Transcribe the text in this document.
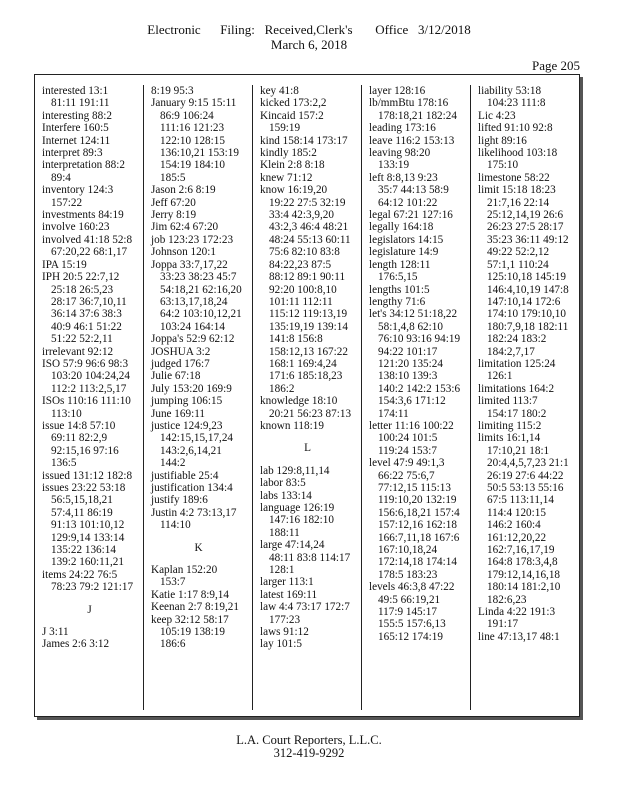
Electronic      Filing:   Received,Clerk's       Office   3/12/2018
March 6, 2018
Page 205
interested 13:1
81:11 191:11
interesting 88:2
Interfere 160:5
Internet 124:11
interpret 89:3
interpretation 88:2
89:4
inventory 124:3
157:22
investments 84:19
involve 160:23
involved 41:18 52:8
67:20,22 68:1,17
IPA 15:19
IPH 20:5 22:7,12
25:18 26:5,23
28:17 36:7,10,11
36:14 37:6 38:3
40:9 46:1 51:22
51:22 52:2,11
irrelevant 92:12
ISO 57:9 96:6 98:3
103:20 104:24,24
112:2 113:2,5,17
ISOs 110:16 111:10
113:10
issue 14:8 57:10
69:11 82:2,9
92:15,16 97:16
136:5
issued 131:12 182:8
issues 23:22 53:18
56:5,15,18,21
57:4,11 86:19
91:13 101:10,12
129:9,14 133:14
135:22 136:14
139:2 160:11,21
items 24:22 76:5
78:23 79:2 121:17
J
J 3:11
James 2:6 3:12
8:19 95:3
January 9:15 15:11
86:9 106:24
111:16 121:23
122:10 128:15
136:10,21 153:19
154:19 184:10
185:5
Jason 2:6 8:19
Jeff 67:20
Jerry 8:19
Jim 62:4 67:20
job 123:23 172:23
Johnson 120:1
Joppa 33:7,17,22
33:23 38:23 45:7
54:18,21 62:16,20
63:13,17,18,24
64:2 103:10,12,21
103:24 164:14
Joppa's 52:9 62:12
JOSHUA 3:2
judged 176:7
Julie 67:18
July 153:20 169:9
jumping 106:15
June 169:11
justice 124:9,23
142:15,15,17,24
143:2,6,14,21
144:2
justifiable 25:4
justification 134:4
justify 189:6
Justin 4:2 73:13,17
114:10
K
Kaplan 152:20
153:7
Katie 1:17 8:9,14
Keenan 2:7 8:19,21
keep 32:12 58:17
105:19 138:19
186:6
key 41:8
kicked 173:2,2
Kincaid 157:2
159:19
kind 158:14 173:17
kindly 185:2
Klein 2:8 8:18
knew 71:12
know 16:19,20
19:22 27:5 32:19
33:4 42:3,9,20
43:2,3 46:4 48:21
48:24 55:13 60:11
75:6 82:10 83:8
84:22,23 87:5
88:12 89:1 90:11
92:20 100:8,10
101:11 112:11
115:12 119:13,19
135:19,19 139:14
141:8 156:8
158:12,13 167:22
168:1 169:4,24
171:6 185:18,23
186:2
knowledge 18:10
20:21 56:23 87:13
known 118:19
L
lab 129:8,11,14
labor 83:5
labs 133:14
language 126:19
147:16 182:10
188:11
large 47:14,24
48:11 83:8 114:17
128:1
larger 113:1
latest 169:11
law 4:4 73:17 172:7
177:23
laws 91:12
lay 101:5
layer 128:16
lb/mmBtu 178:16
178:18,21 182:24
leading 173:16
leave 116:2 153:13
leaving 98:20
133:19
left 8:8,13 9:23
35:7 44:13 58:9
64:12 101:22
legal 67:21 127:16
legally 164:18
legislators 14:15
legislature 14:9
length 128:11
176:5,15
lengths 101:5
lengthy 71:6
let's 34:12 51:18,22
58:1,4,8 62:10
76:10 93:16 94:19
94:22 101:17
121:20 135:24
138:10 139:3
140:2 142:2 153:6
154:3,6 171:12
174:11
letter 11:16 100:22
100:24 101:5
119:24 153:7
level 47:9 49:1,3
66:22 75:6,7
77:12,15 115:13
119:10,20 132:19
156:6,18,21 157:4
157:12,16 162:18
166:7,11,18 167:6
167:10,18,24
172:14,18 174:14
178:5 183:23
levels 46:3,8 47:22
49:5 66:19,21
117:9 145:17
155:5 157:6,13
165:12 174:19
liability 53:18
104:23 111:8
Lic 4:23
lifted 91:10 92:8
light 89:16
likelihood 103:18
175:10
limestone 58:22
limit 15:18 18:23
21:7,16 22:14
25:12,14,19 26:6
26:23 27:5 28:17
35:23 36:11 49:12
49:22 52:2,12
57:1,1 110:24
125:10,18 145:19
146:4,10,19 147:8
147:10,14 172:6
174:10 179:10,10
180:7,9,18 182:11
182:24 183:2
184:2,7,17
limitation 125:24
126:1
limitations 164:2
limited 113:7
154:17 180:2
limiting 115:2
limits 16:1,14
17:10,21 18:1
20:4,4,5,7,23 21:1
26:19 27:6 44:22
50:5 53:13 55:16
67:5 113:11,14
114:4 120:15
146:2 160:4
161:12,20,22
162:7,16,17,19
164:8 178:3,4,8
179:12,14,16,18
180:14 181:2,10
182:6,23
Linda 4:22 191:3
191:17
line 47:13,17 48:1
L.A. Court Reporters, L.L.C.
312-419-9292
